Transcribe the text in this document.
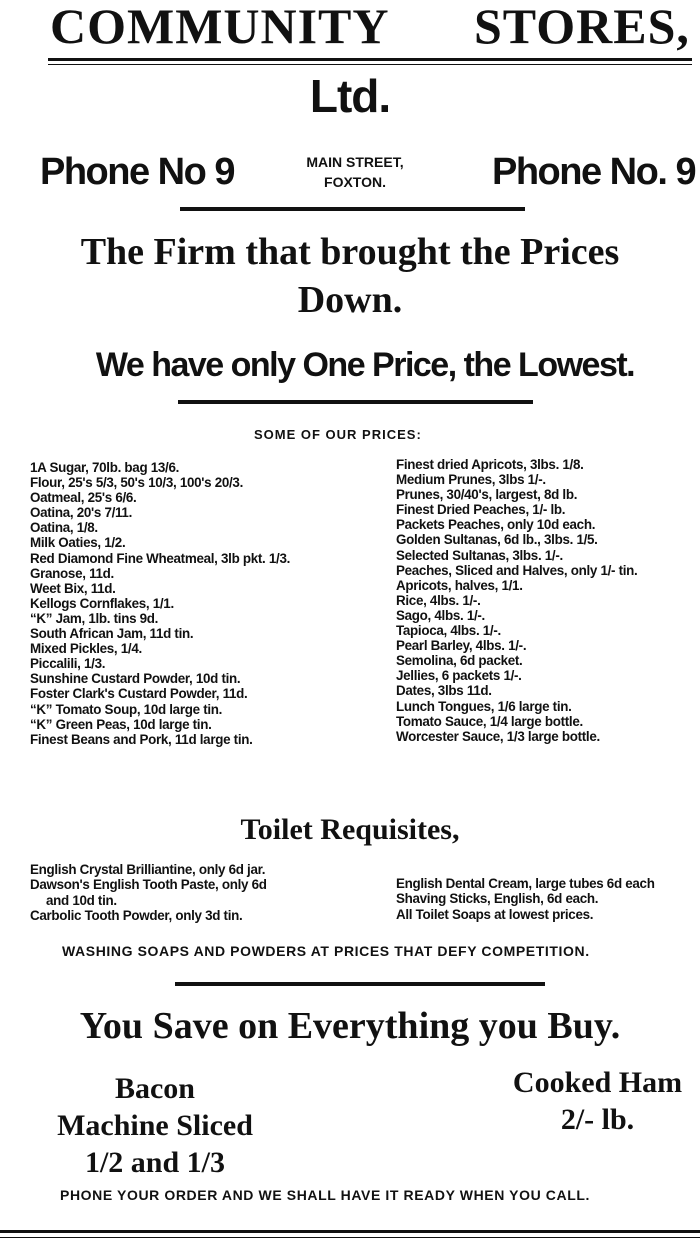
COMMUNITY STORES,
Ltd.
Phone No 9	MAIN STREET,
FOXTON.	Phone No. 9
The Firm that brought the Prices
Down.
We have only One Price, the Lowest.
SOME OF OUR PRICES:
1A Sugar, 70lb. bag 13/6.
Flour, 25's 5/3, 50's 10/3, 100's 20/3.
Oatmeal, 25's 6/6.
Oatina, 20's 7/11.
Oatina, 1/8.
Milk Oaties, 1/2.
Red Diamond Fine Wheatmeal, 3lb pkt. 1/3.
Granose, 11d.
Weet Bix, 11d.
Kellogs Cornflakes, 1/1.
“K” Jam, 1lb. tins 9d.
South African Jam, 11d tin.
Mixed Pickles, 1/4.
Piccalili, 1/3.
Sunshine Custard Powder, 10d tin.
Foster Clark's Custard Powder, 11d.
“K” Tomato Soup, 10d large tin.
“K” Green Peas, 10d large tin.
Finest Beans and Pork, 11d large tin.
Finest dried Apricots, 3lbs. 1/8.
Medium Prunes, 3lbs 1/-.
Prunes, 30/40's, largest, 8d lb.
Finest Dried Peaches, 1/- lb.
Packets Peaches, only 10d each.
Golden Sultanas, 6d lb., 3lbs. 1/5.
Selected Sultanas, 3lbs. 1/-.
Peaches, Sliced and Halves, only 1/- tin.
Apricots, halves, 1/1.
Rice, 4lbs. 1/-.
Sago, 4lbs. 1/-.
Tapioca, 4lbs. 1/-.
Pearl Barley, 4lbs. 1/-.
Semolina, 6d packet.
Jellies, 6 packets 1/-.
Dates, 3lbs 11d.
Lunch Tongues, 1/6 large tin.
Tomato Sauce, 1/4 large bottle.
Worcester Sauce, 1/3 large bottle.
Toilet Requisites,
English Crystal Brilliantine, only 6d jar.
Dawson's English Tooth Paste, only 6d
and 10d tin.
Carbolic Tooth Powder, only 3d tin.
English Dental Cream, large tubes 6d each
Shaving Sticks, English, 6d each.
All Toilet Soaps at lowest prices.
WASHING SOAPS AND POWDERS AT PRICES THAT DEFY COMPETITION.
You Save on Everything you Buy.
Bacon
Machine Sliced
1/2 and 1/3
Cooked Ham
2/- lb.
PHONE YOUR ORDER AND WE SHALL HAVE IT READY WHEN YOU CALL.
